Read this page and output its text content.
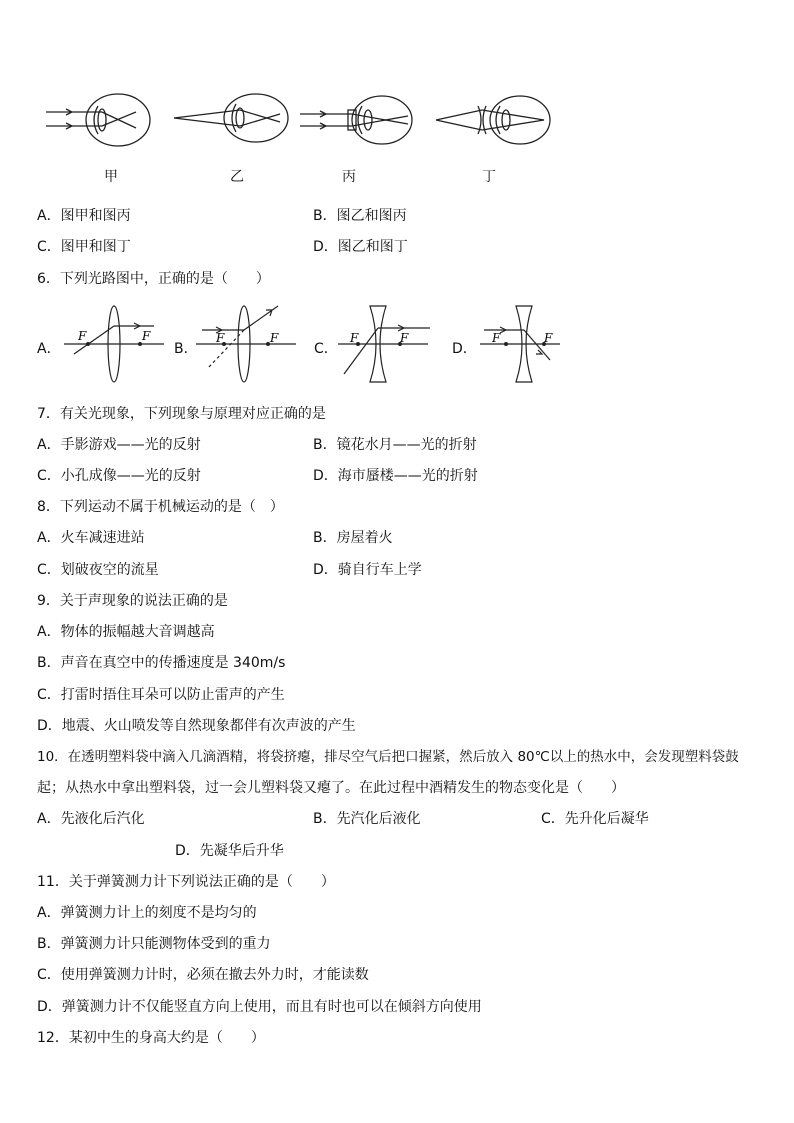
甲	乙	丙	丁
A．图甲和图丙	B．图乙和图丙
C．图甲和图丁	D．图乙和图丁
6．下列光路图中，正确的是（　　）
A．
F	F
B．
F	F
C．
F	F
D．
F	F
7．有关光现象，下列现象与原理对应正确的是
A．手影游戏——光的反射	B．镜花水月——光的折射
C．小孔成像——光的反射	D．海市蜃楼——光的折射
8．下列运动不属于机械运动的是（　）
A．火车减速进站	B．房屋着火
C．划破夜空的流星	D．骑自行车上学
9．关于声现象的说法正确的是
A．物体的振幅越大音调越高
B．声音在真空中的传播速度是 340m/s
C．打雷时捂住耳朵可以防止雷声的产生
D．地震、火山喷发等自然现象都伴有次声波的产生
10．在透明塑料袋中滴入几滴酒精，将袋挤瘪，排尽空气后把口握紧，然后放入 80℃以上的热水中，会发现塑料袋鼓
起；从热水中拿出塑料袋，过一会儿塑料袋又瘪了。在此过程中酒精发生的物态变化是（　　）
A．先液化后汽化	B．先汽化后液化	C．先升化后凝华
D．先凝华后升华
11．关于弹簧测力计下列说法正确的是（　　）
A．弹簧测力计上的刻度不是均匀的
B．弹簧测力计只能测物体受到的重力
C．使用弹簧测力计时，必须在撤去外力时，才能读数
D．弹簧测力计不仅能竖直方向上使用，而且有时也可以在倾斜方向使用
12．某初中生的身高大约是（　　）
